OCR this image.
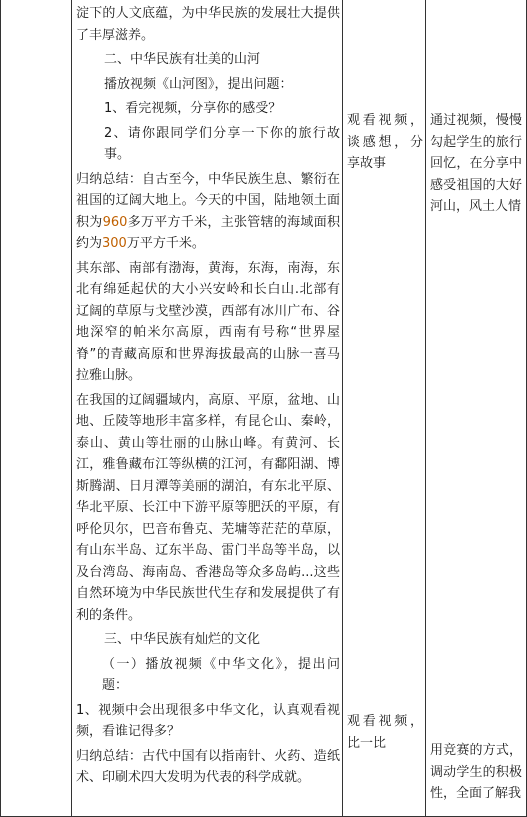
淀下的人文底蕴，为中华民族的发展壮大提供了丰厚滋养。

二、中华民族有壮美的山河

播放视频《山河图》，提出问题：

1、看完视频，分享你的感受？

2、请你跟同学们分享一下你的旅行故事。

归纳总结：自古至今，中华民族生息、繁衍在祖国的辽阔大地上。今天的中国，陆地领土面积为960多万平方千米，主张管辖的海域面积约为300万平方千米。

其东部、南部有渤海，黄海，东海，南海，东北有绵延起伏的大小兴安岭和长白山.北部有辽阔的草原与戈壁沙漠，西部有冰川广布、谷地深窄的帕米尔高原，西南有号称“世界屋脊”的青藏高原和世界海拔最高的山脉一喜马拉雅山脉。

在我国的辽阔疆域内，高原、平原，盆地、山地、丘陵等地形丰富多样，有昆仑山、秦岭，泰山、黄山等壮丽的山脉山峰。有黄河、长江，雅鲁藏布江等纵横的江河，有鄱阳湖、博斯腾湖、日月潭等美丽的湖泊，有东北平原、华北平原、长江中下游平原等肥沃的平原，有呼伦贝尔，巴音布鲁克、芜墉等茫茫的草原，有山东半岛、辽东半岛、雷门半岛等半岛，以及台湾岛、海南岛、香港岛等众多岛屿...这些自然环境为中华民族世代生存和发展提供了有利的条件。

三、中华民族有灿烂的文化

（一）播放视频《中华文化》，提出问题：

1、视频中会出现很多中华文化，认真观看视频，看谁记得多？

归纳总结：古代中国有以指南针、火药、造纸术、印刷术四大发明为代表的科学成就。

观看视频，谈感想，分享故事

观看视频，比一比

通过视频，慢慢勾起学生的旅行回忆，在分享中感受祖国的大好河山，风土人情

用竞赛的方式，调动学生的积极性，全面了解我
